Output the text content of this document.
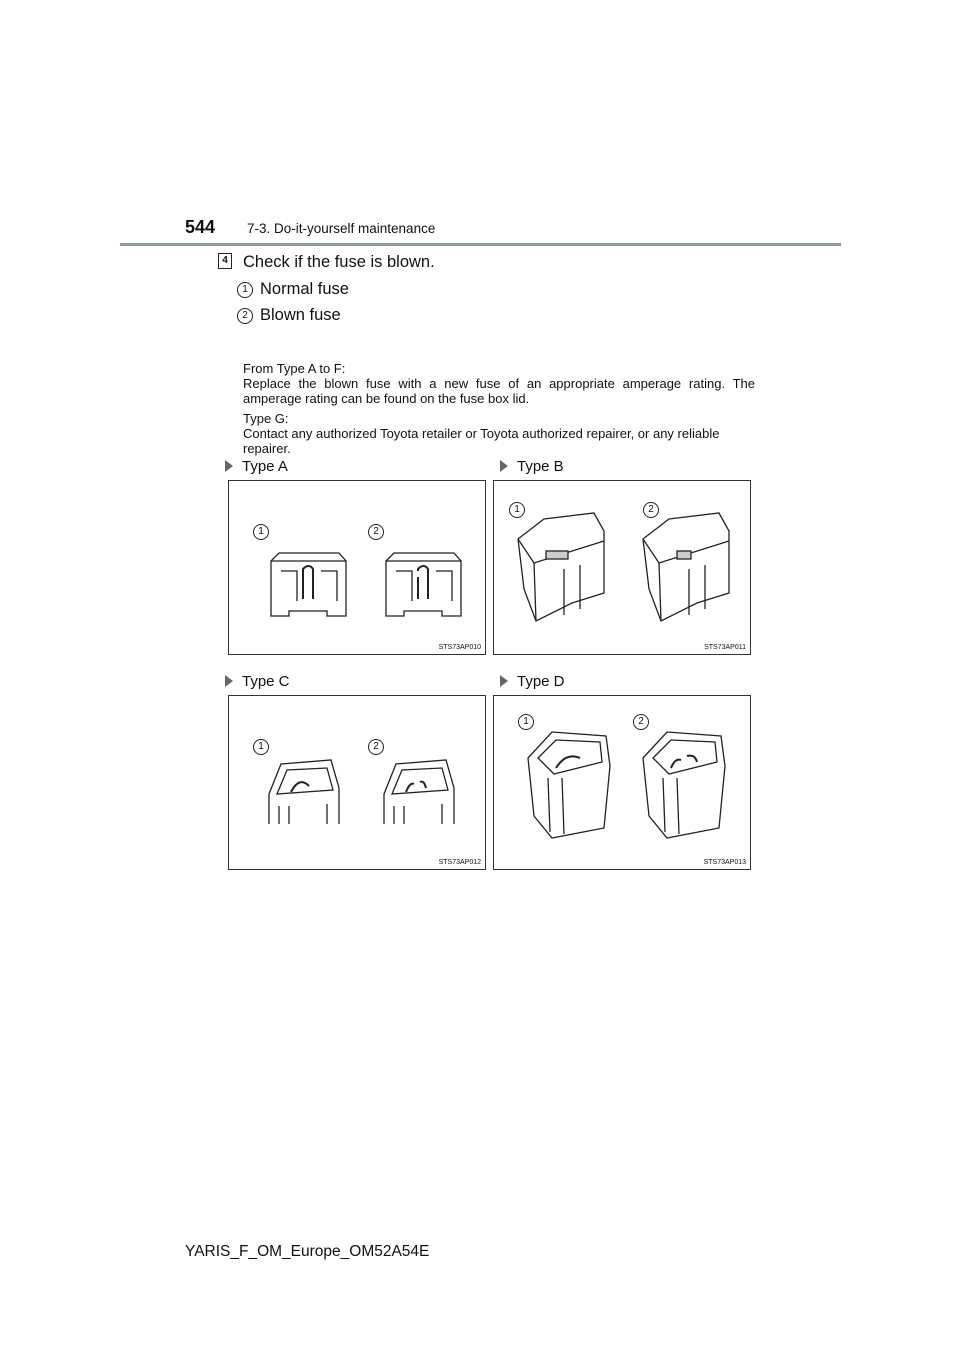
544 7-3. Do-it-yourself maintenance
4 Check if the fuse is blown.
1 Normal fuse
2 Blown fuse
From Type A to F:
Replace the blown fuse with a new fuse of an appropriate amperage rating. The amperage rating can be found on the fuse box lid.
Type G:
Contact any authorized Toyota retailer or Toyota authorized repairer, or any reliable repairer.
Type A	Type B
1	2
STS73AP010
1	2
STS73AP011
Type C	Type D
1	2
STS73AP012
1	2
STS73AP013
YARIS_F_OM_Europe_OM52A54E
